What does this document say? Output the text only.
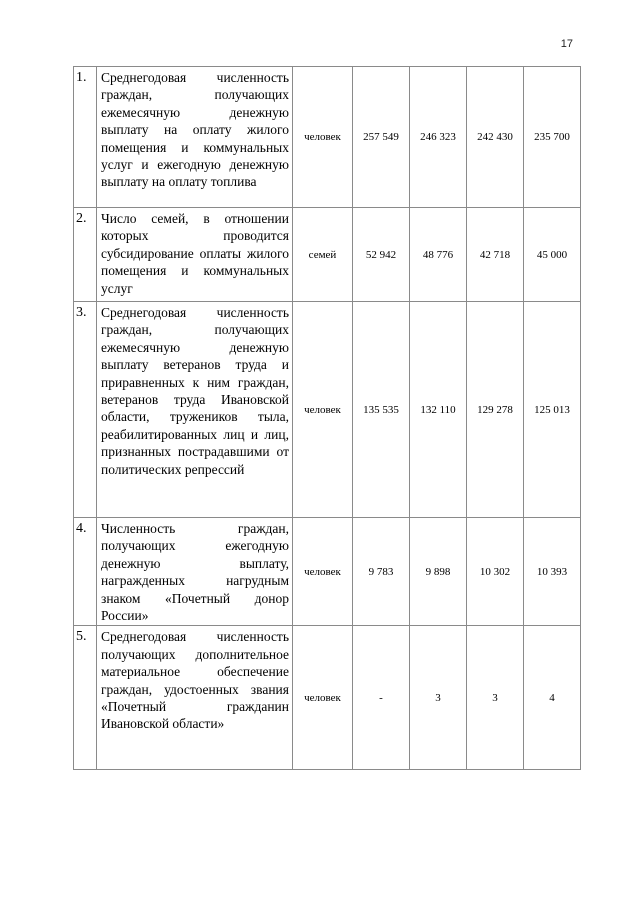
17
1.	Среднегодовая численность граждан, получающих ежемесячную денежную выплату на оплату жилого помещения и коммунальных услуг и ежегодную денежную выплату на оплату топлива	человек	257 549	246 323	242 430	235 700
2.	Число семей, в отношении которых проводится субсидирование оплаты жилого помещения и коммунальных услуг	семей	52 942	48 776	42 718	45 000
3.	Среднегодовая численность граждан, получающих ежемесячную денежную выплату ветеранов труда и приравненных к ним граждан, ветеранов труда Ивановской области, тружеников тыла, реабилитированных лиц и лиц, признанных пострадавшими от политических репрессий	человек	135 535	132 110	129 278	125 013
4.	Численность граждан, получающих ежегодную денежную выплату, награжденных нагрудным знаком «Почетный донор России»	человек	9 783	9 898	10 302	10 393
5.	Среднегодовая численность получающих дополнительное материальное обеспечение граждан, удостоенных звания «Почетный гражданин Ивановской области»	человек	-	3	3	4
